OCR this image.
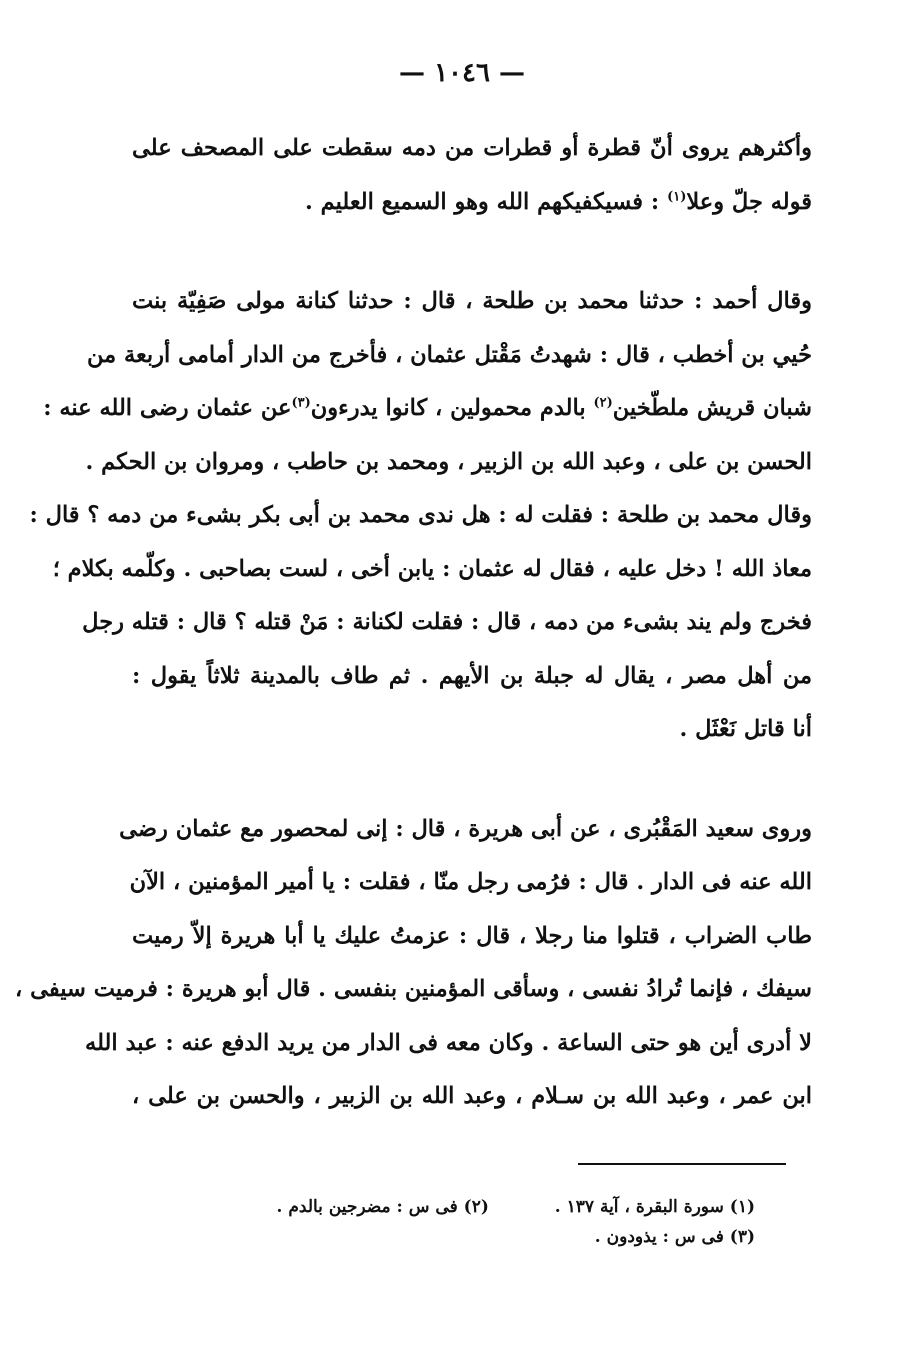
— ١٠٤٦ —
وأكثرهم يروى أنّ قطرة أو قطرات من دمه سقطت على المصحف على
قوله جلّ وعلا$^{(١)}$ : فسيكفيكهم الله وهو السميع العليم .
وقال أحمد : حدثنا محمد بن طلحة ، قال : حدثنا كنانة مولى صَفِيّة بنت
حُيي بن أخطب ، قال : شهدتُ مَقْتل عثمان ، فأخرج من الدار أمامى أربعة من
شبان قريش ملطّخين$^{(٢)}$ بالدم محمولين ، كانوا يدرءون$^{(٣)}$عن عثمان رضى الله عنه :
الحسن بن على ، وعبد الله بن الزبير ، ومحمد بن حاطب ، ومروان بن الحكم .
وقال محمد بن طلحة : فقلت له : هل ندى محمد بن أبى بكر بشىء من دمه ؟ قال :
معاذ الله ! دخل عليه ، فقال له عثمان : يابن أخى ، لست بصاحبى . وكلّمه بكلام ؛
فخرج ولم يند بشىء من دمه ، قال : فقلت لكنانة : مَنْ قتله ؟ قال : قتله رجل
من أهل مصر ، يقال له جبلة بن الأيهم . ثم طاف بالمدينة ثلاثاً يقول :
أنا قاتل نَعْثَل .
وروى سعيد المَقْبُرى ، عن أبى هريرة ، قال : إنى لمحصور مع عثمان رضى
الله عنه فى الدار . قال : فرُمى رجل منّا ، فقلت : يا أمير المؤمنين ، الآن
طاب الضراب ، قتلوا منا رجلا ، قال : عزمتُ عليك يا أبا هريرة إلاّ رميت
سيفك ، فإنما تُرادُ نفسى ، وسأقى المؤمنين بنفسى . قال أبو هريرة : فرميت سيفى ،
لا أدرى أين هو حتى الساعة . وكان معه فى الدار من يريد الدفع عنه : عبد الله
ابن عمر ، وعبد الله بن سـلام ، وعبد الله بن الزبير ، والحسن بن على ،
(١) سورة البقرة ، آية ١٣٧ . (٢) فى س : مضرجين بالدم .
(٣) فى س : يذودون .
